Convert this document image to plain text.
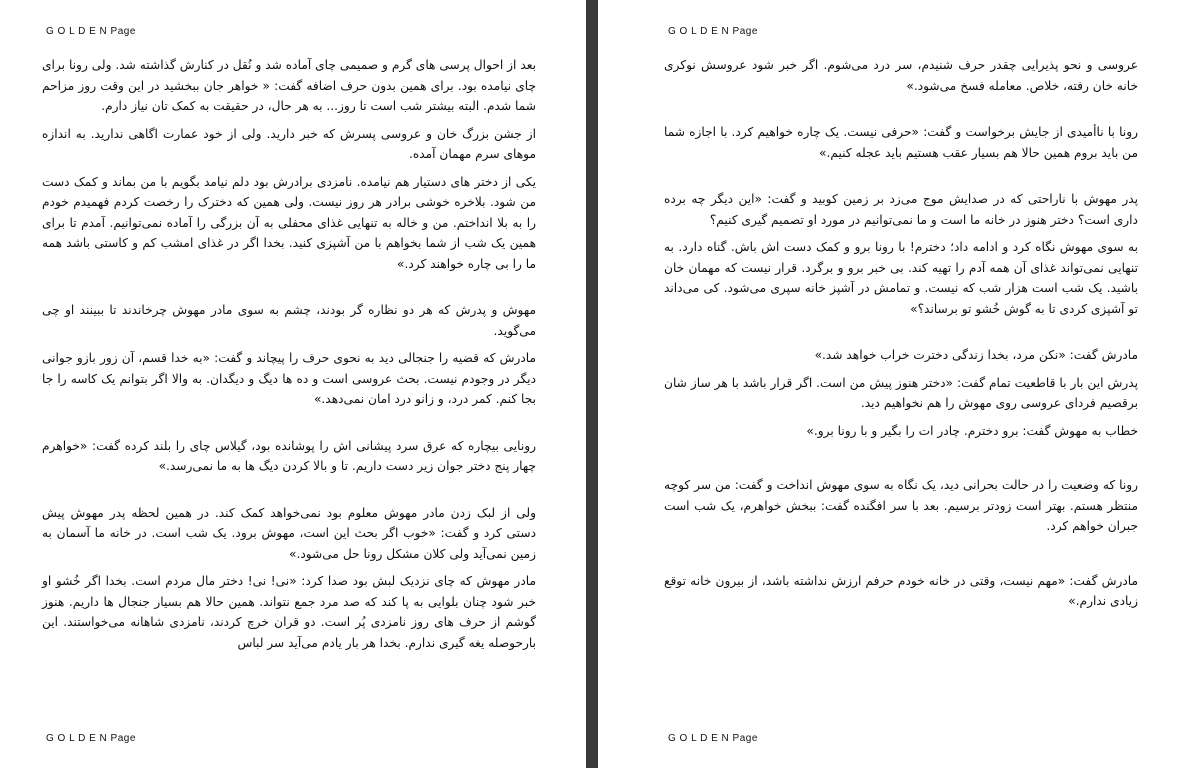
G O L D E N Page

بعد از احوال پرسی های گرم و صمیمی چای آماده شد و نُقل در کنارش گذاشته شد. ولی رونا برای چای نیامده بود. برای همین بدون حرف اضافه گفت: « خواهر جان ببخشید در این وقت روز مزاحم شما شدم. البته بیشتر شب است تا روز... به هر حال، در حقیقت به کمک تان نیاز دارم.

از جشن بزرگ خان و عروسی پسرش که خبر دارید. ولی از خود عمارت اگاهی ندارید. به اندازه موهای سرم مهمان آمده.

یکی از دختر های دستیار هم نیامده. نامزدی برادرش بود دلم نیامد بگویم با من بماند و کمک دست من شود. بلاخره خوشی برادر هر روز نیست. ولی همین که دخترک را رخصت کردم فهمیدم خودم را به بلا انداختم. من و خاله به تنهایی غذای محفلی به آن بزرگی را آماده نمی‌توانیم. آمدم تا برای همین یک شب از شما بخواهم با من آشپزی کنید. بخدا اگر در غذای امشب کم و کاستی باشد همه ما را بی چاره خواهند کرد.»

مهوش و پدرش که هر دو نظاره گر بودند، چشم به سوی مادر مهوش چرخاندند تا ببینند او چی می‌گوید.

مادرش که قضیه را جنجالی دید به نحوی حرف را پیچاند و گفت: «به خدا قسم، آن زور بازو جوانی دیگر در وجودم نیست. بحث عروسی است و ده ها دیگ و دیگدان. به والا اگر بتوانم یک کاسه را جا بجا کنم. کمر درد، و زانو درد امان نمی‌دهد.»

رونایی بیچاره که عرق سرد پیشانی اش را پوشانده بود، گیلاس چای را بلند کرده گفت: «خواهرم چهار پنج دختر جوان زیر دست داریم. تا و بالا کردن دیگ ها به ما نمی‌رسد.»

ولی از لبک زدن مادر مهوش معلوم بود نمی‌خواهد کمک کند. در همین لحظه پدر مهوش پیش دستی کرد و گفت: «خوب اگر بحث این است، مهوش برود. یک شب است. در خانه ما آسمان به زمین نمی‌آید ولی کلان مشکل رونا حل می‌شود.»

مادر مهوش که چای نزدیک لبش بود صدا کرد: «نی! نی! دختر مال مردم است. بخدا اگر خُشو او خبر شود چنان بلوایی به پا کند که صد مرد جمع نتواند. همین حالا هم بسیار جنجال ها داریم. هنوز گوشم از حرف های روز نامزدی پُر است. دو قران خرچ کردند، نامزدی شاهانه می‌خواستند. این بارحوصله یغه گیری ندارم. بخدا هر بار یادم می‌آید سر لباس

G O L D E N Page
G O L D E N Page

عروسی و نحو پذیرایی چقدر حرف شنیدم، سر درد می‌شوم. اگر خبر شود عروسش نوکری خانه خان رفته، خلاص. معامله فسخ می‌شود.»

رونا با ناأمیدی از جایش برخواست و گفت: «حرفی نیست. یک چاره خواهیم کرد. با اجازه شما من باید بروم همین حالا هم بسیار عقب هستیم باید عجله کنیم.»

پدر مهوش با ناراحتی که در صدایش موج می‌زد بر زمین کوبید و گفت: «این دیگر چه برده داری است؟ دختر هنوز در خانه ما است و ما نمی‌توانیم در مورد او تصمیم گیری کنیم؟

به سوی مهوش نگاه کرد و ادامه داد؛ دخترم! با رونا برو و کمک دست اش باش. گناه دارد. به تنهایی نمی‌تواند غذای آن همه آدم را تهیه کند. بی خبر برو و برگرد. قرار نیست که مهمان خان باشید. یک شب است هزار شب که نیست. و تمامش در آشپز خانه سپری می‌شود. کی می‌داند تو آشپزی کردی تا به گوش خُشو تو برساند؟»

مادرش گفت: «نکن مرد، بخدا زندگی دخترت خراب خواهد شد.»

پدرش این بار با قاطعیت تمام گفت: «دختر هنوز پیش من است. اگر قرار باشد با هر ساز شان برقصیم فردای عروسی روی مهوش را هم نخواهیم دید.

خطاب به مهوش گفت: برو دخترم. چادر ات را بگیر و با رونا برو.»

رونا که وضعیت را در حالت بحرانی دید، یک نگاه به سوی مهوش انداخت و گفت: من سر کوچه منتظر هستم. بهتر است زودتر برسیم. بعد با سر افگنده گفت: ببخش خواهرم، یک شب است جبران خواهم کرد.

مادرش گفت: «مهم نیست، وقتی در خانه خودم حرفم ارزش نداشته باشد، از بیرون خانه توقع زیادی ندارم.»

G O L D E N Page
